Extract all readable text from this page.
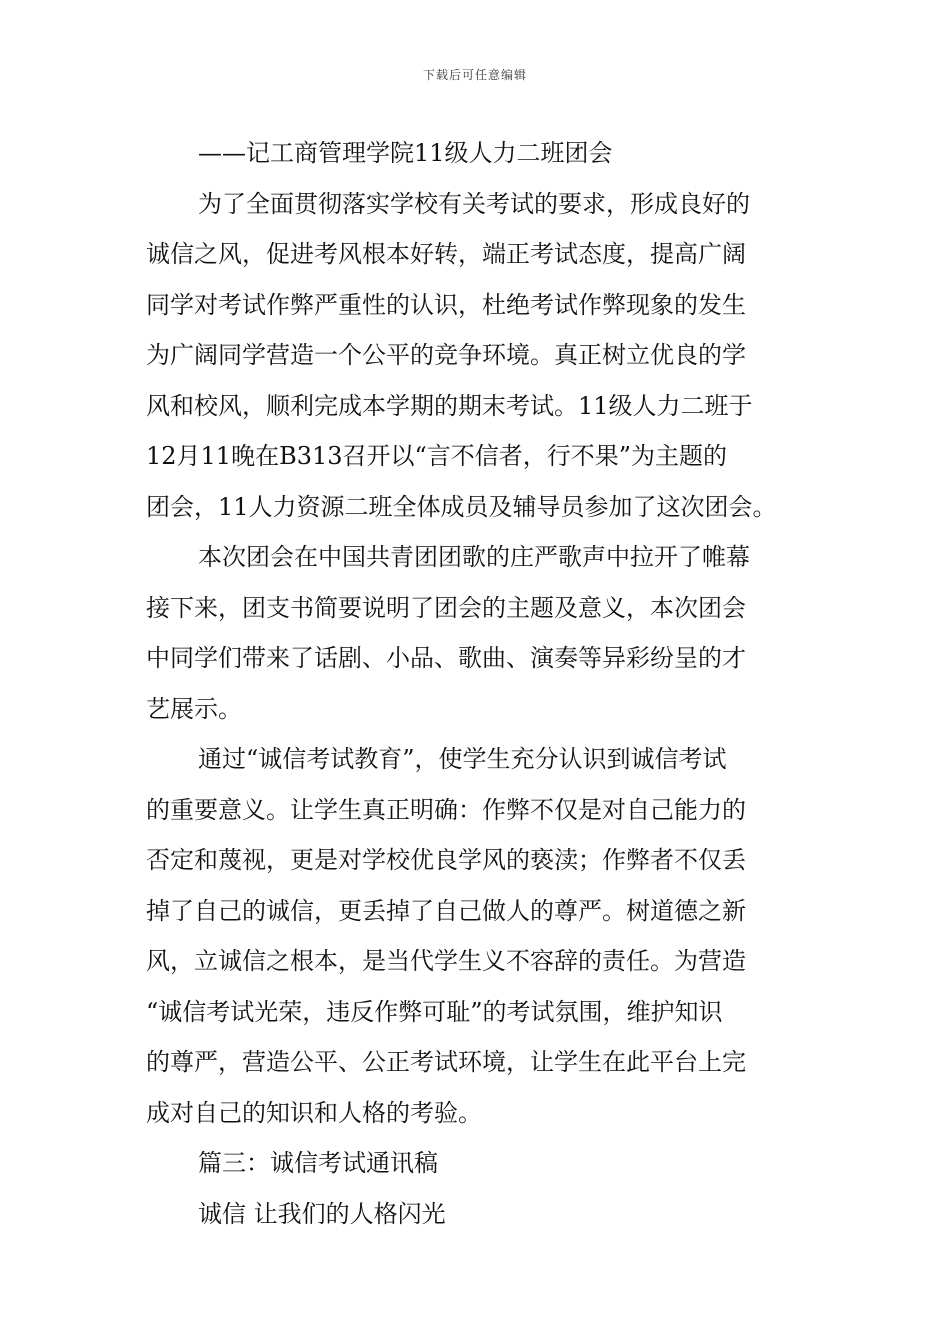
下载后可任意编辑
——记工商管理学院11级人力二班团会
为了全面贯彻落实学校有关考试的要求，形成良好的
诚信之风，促进考风根本好转，端正考试态度，提高广阔
同学对考试作弊严重性的认识，杜绝考试作弊现象的发生
为广阔同学营造一个公平的竞争环境。真正树立优良的学
风和校风，顺利完成本学期的期末考试。11级人力二班于
12月11晚在B313召开以“言不信者，行不果”为主题的
团会，11人力资源二班全体成员及辅导员参加了这次团会。
本次团会在中国共青团团歌的庄严歌声中拉开了帷幕
接下来，团支书简要说明了团会的主题及意义，本次团会
中同学们带来了话剧、小品、歌曲、演奏等异彩纷呈的才
艺展示。
通过“诚信考试教育”，使学生充分认识到诚信考试
的重要意义。让学生真正明确：作弊不仅是对自己能力的
否定和蔑视，更是对学校优良学风的亵渎；作弊者不仅丢
掉了自己的诚信，更丢掉了自己做人的尊严。树道德之新
风，立诚信之根本，是当代学生义不容辞的责任。为营造
“诚信考试光荣，违反作弊可耻”的考试氛围，维护知识
的尊严，营造公平、公正考试环境，让学生在此平台上完
成对自己的知识和人格的考验。
篇三：诚信考试通讯稿
诚信 让我们的人格闪光
